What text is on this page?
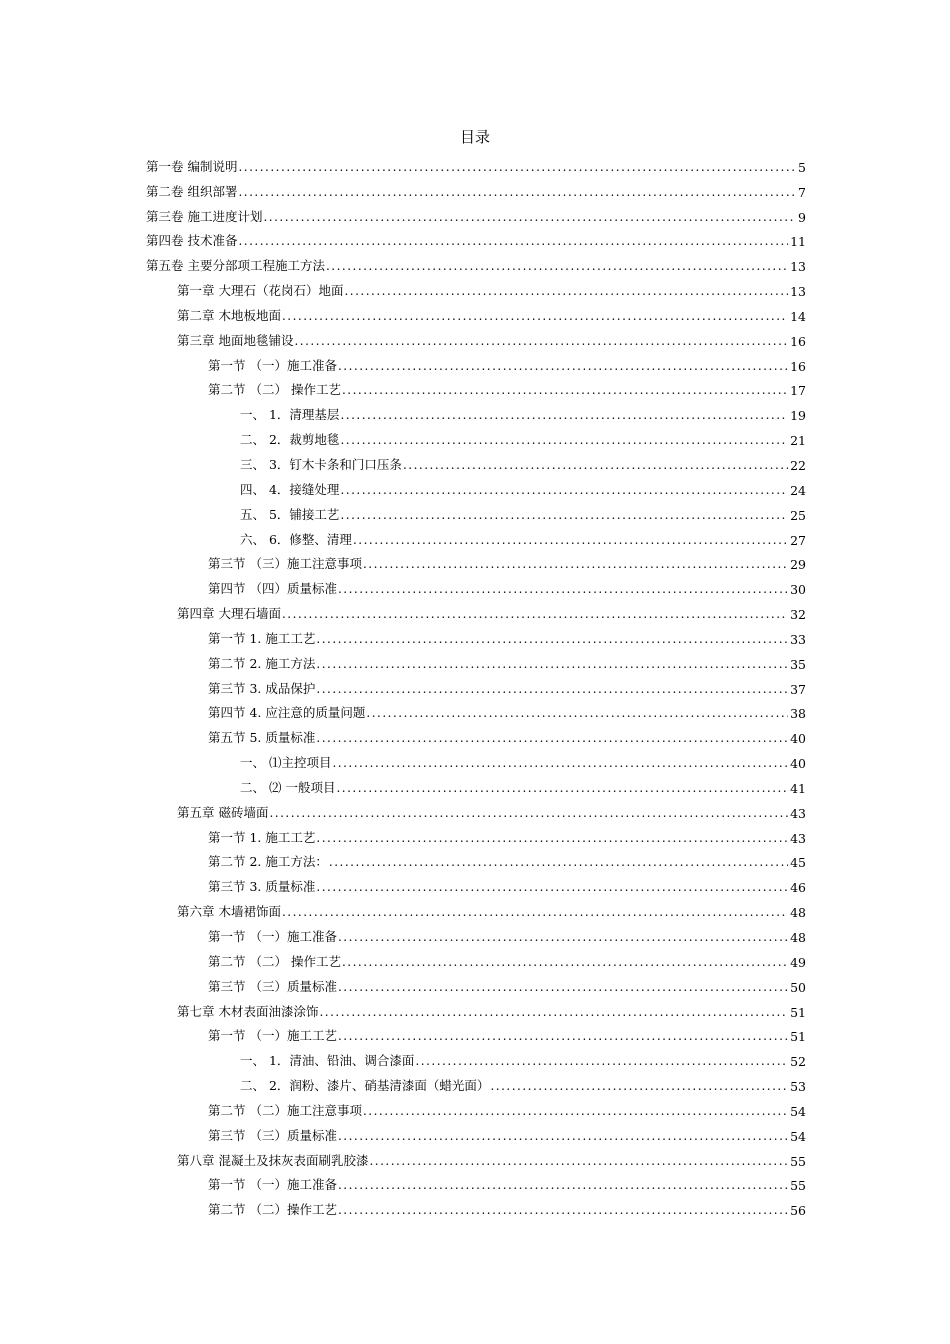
目录
第一卷 编制说明 .....	5
第二卷 组织部署 .....	7
第三卷 施工进度计划 .....	9
第四卷 技术准备 .....	11
第五卷 主要分部项工程施工方法 .....	13
第一章 大理石（花岗石）地面 .....	13
第二章 木地板地面 .....	14
第三章 地面地毯铺设 .....	16
第一节 （一）施工准备 .....	16
第二节 （二） 操作工艺 .....	17
一、 1．清理基层 .....	19
二、 2．裁剪地毯 .....	21
三、 3．钉木卡条和门口压条 .....	22
四、 4．接缝处理 .....	24
五、 5．铺接工艺 .....	25
六、 6．修整、清理 .....	27
第三节 （三）施工注意事项 .....	29
第四节 （四）质量标准 .....	30
第四章 大理石墙面 .....	32
第一节 1. 施工工艺 .....	33
第二节 2. 施工方法 .....	35
第三节 3. 成品保护 .....	37
第四节 4. 应注意的质量问题 .....	38
第五节 5. 质量标准 .....	40
一、 ⑴主控项目 .....	40
二、 ⑵ 一般项目 .....	41
第五章 磁砖墙面 .....	43
第一节 1. 施工工艺 .....	43
第二节 2. 施工方法： .....	45
第三节 3. 质量标准 .....	46
第六章 木墙裙饰面 .....	48
第一节 （一）施工准备 .....	48
第二节 （二） 操作工艺 .....	49
第三节 （三）质量标准 .....	50
第七章 木材表面油漆涂饰 .....	51
第一节 （一）施工工艺 .....	51
一、 1．清油、铅油、调合漆面 .....	52
二、 2．润粉、漆片、硝基清漆面（蜡光面） .....	53
第二节 （二）施工注意事项 .....	54
第三节 （三）质量标准 .....	54
第八章 混凝土及抹灰表面刷乳胶漆 .....	55
第一节 （一）施工准备 .....	55
第二节 （二）操作工艺 .....	56
